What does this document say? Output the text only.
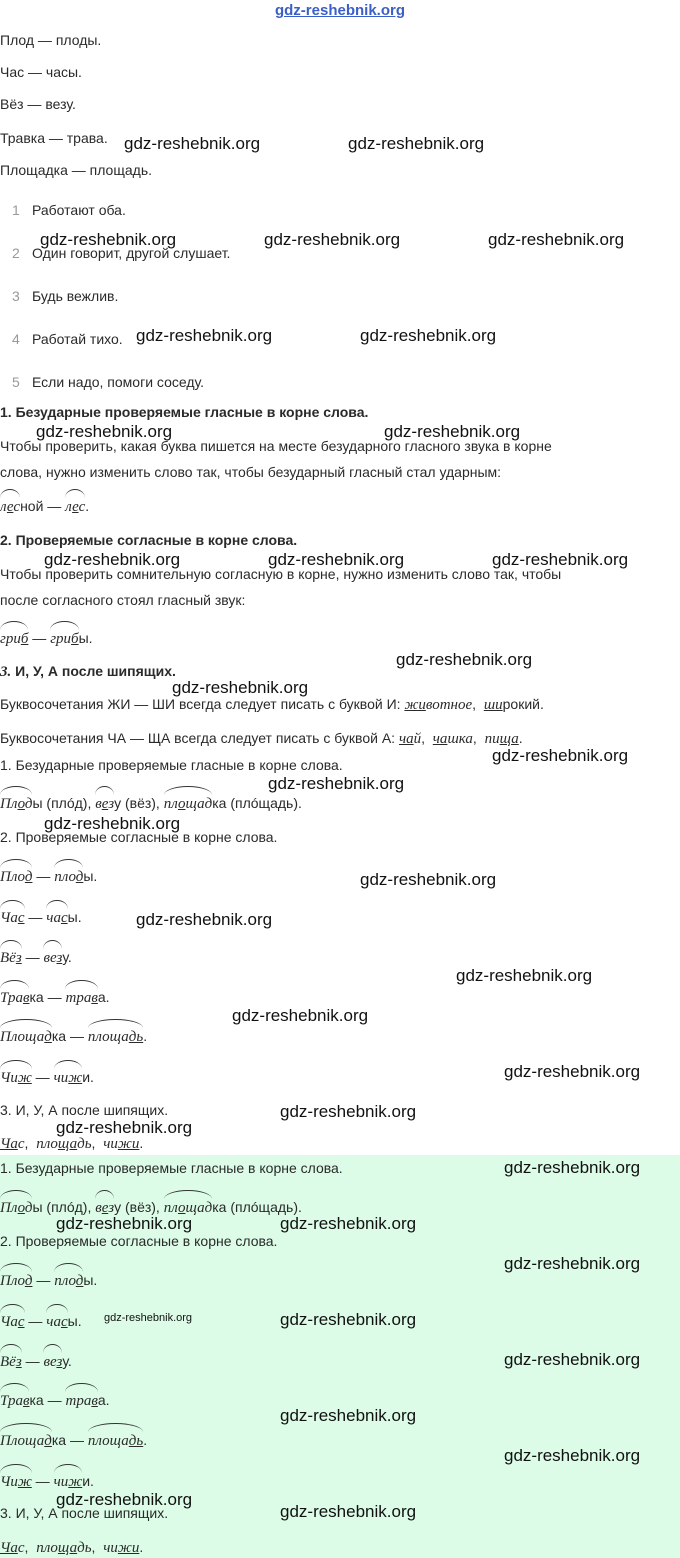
gdz-reshebnik.org
Плод — плоды.
Час — часы.
Вёз — везу.
Травка — трава.
Площадка — площадь.
1 Работают оба.
2 Один говорит, другой слушает.
3 Будь вежлив.
4 Работай тихо.
5 Если надо, помоги соседу.
1. Безударные проверяемые гласные в корне слова.
Чтобы проверить, какая буква пишется на месте безударного гласного звука в корне
слова, нужно изменить слово так, чтобы безударный гласный стал ударным:
лесной — лес.
2. Проверяемые согласные в корне слова.
Чтобы проверить сомнительную согласную в корне, нужно изменить слово так, чтобы
после согласного стоял гласный звук:
гриб — грибы.
3. И, У, А после шипящих.
Буквосочетания ЖИ — ШИ всегда следует писать с буквой И: животное,  широкий.
Буквосочетания ЧА — ЩА всегда следует писать с буквой А: чай,  чашка,  пища.
1. Безударные проверяемые гласные в корне слова.
Плоды (плóд), везу (вёз), площадка (плóщадь).
2. Проверяемые согласные в корне слова.
Плод — плоды.
Час — часы.
Вёз — везу.
Травка — трава.
Площадка — площадь.
Чиж — чижи.
3. И, У, А после шипящих.
Час,  площадь,  чижи.
1. Безударные проверяемые гласные в корне слова.
Плоды (плóд), везу (вёз), площадка (плóщадь).
2. Проверяемые согласные в корне слова.
Плод — плоды.
Час — часы.
Вёз — везу.
Травка — трава.
Площадка — площадь.
Чиж — чижи.
3. И, У, А после шипящих.
Час,  площадь,  чижи.
gdz-reshebnik.org	gdz-reshebnik.org
gdz-reshebnik.org	gdz-reshebnik.org	gdz-reshebnik.org
gdz-reshebnik.org	gdz-reshebnik.org
gdz-reshebnik.org	gdz-reshebnik.org
gdz-reshebnik.org	gdz-reshebnik.org	gdz-reshebnik.org
gdz-reshebnik.org
gdz-reshebnik.org
gdz-reshebnik.org
gdz-reshebnik.org
gdz-reshebnik.org
gdz-reshebnik.org
gdz-reshebnik.org
gdz-reshebnik.org
gdz-reshebnik.org
gdz-reshebnik.org
gdz-reshebnik.org
gdz-reshebnik.org
gdz-reshebnik.org
gdz-reshebnik.org	gdz-reshebnik.org
gdz-reshebnik.org
gdz-reshebnik.org
gdz-reshebnik.org
gdz-reshebnik.org
gdz-reshebnik.org
gdz-reshebnik.org
gdz-reshebnik.org
gdz-reshebnik.org
